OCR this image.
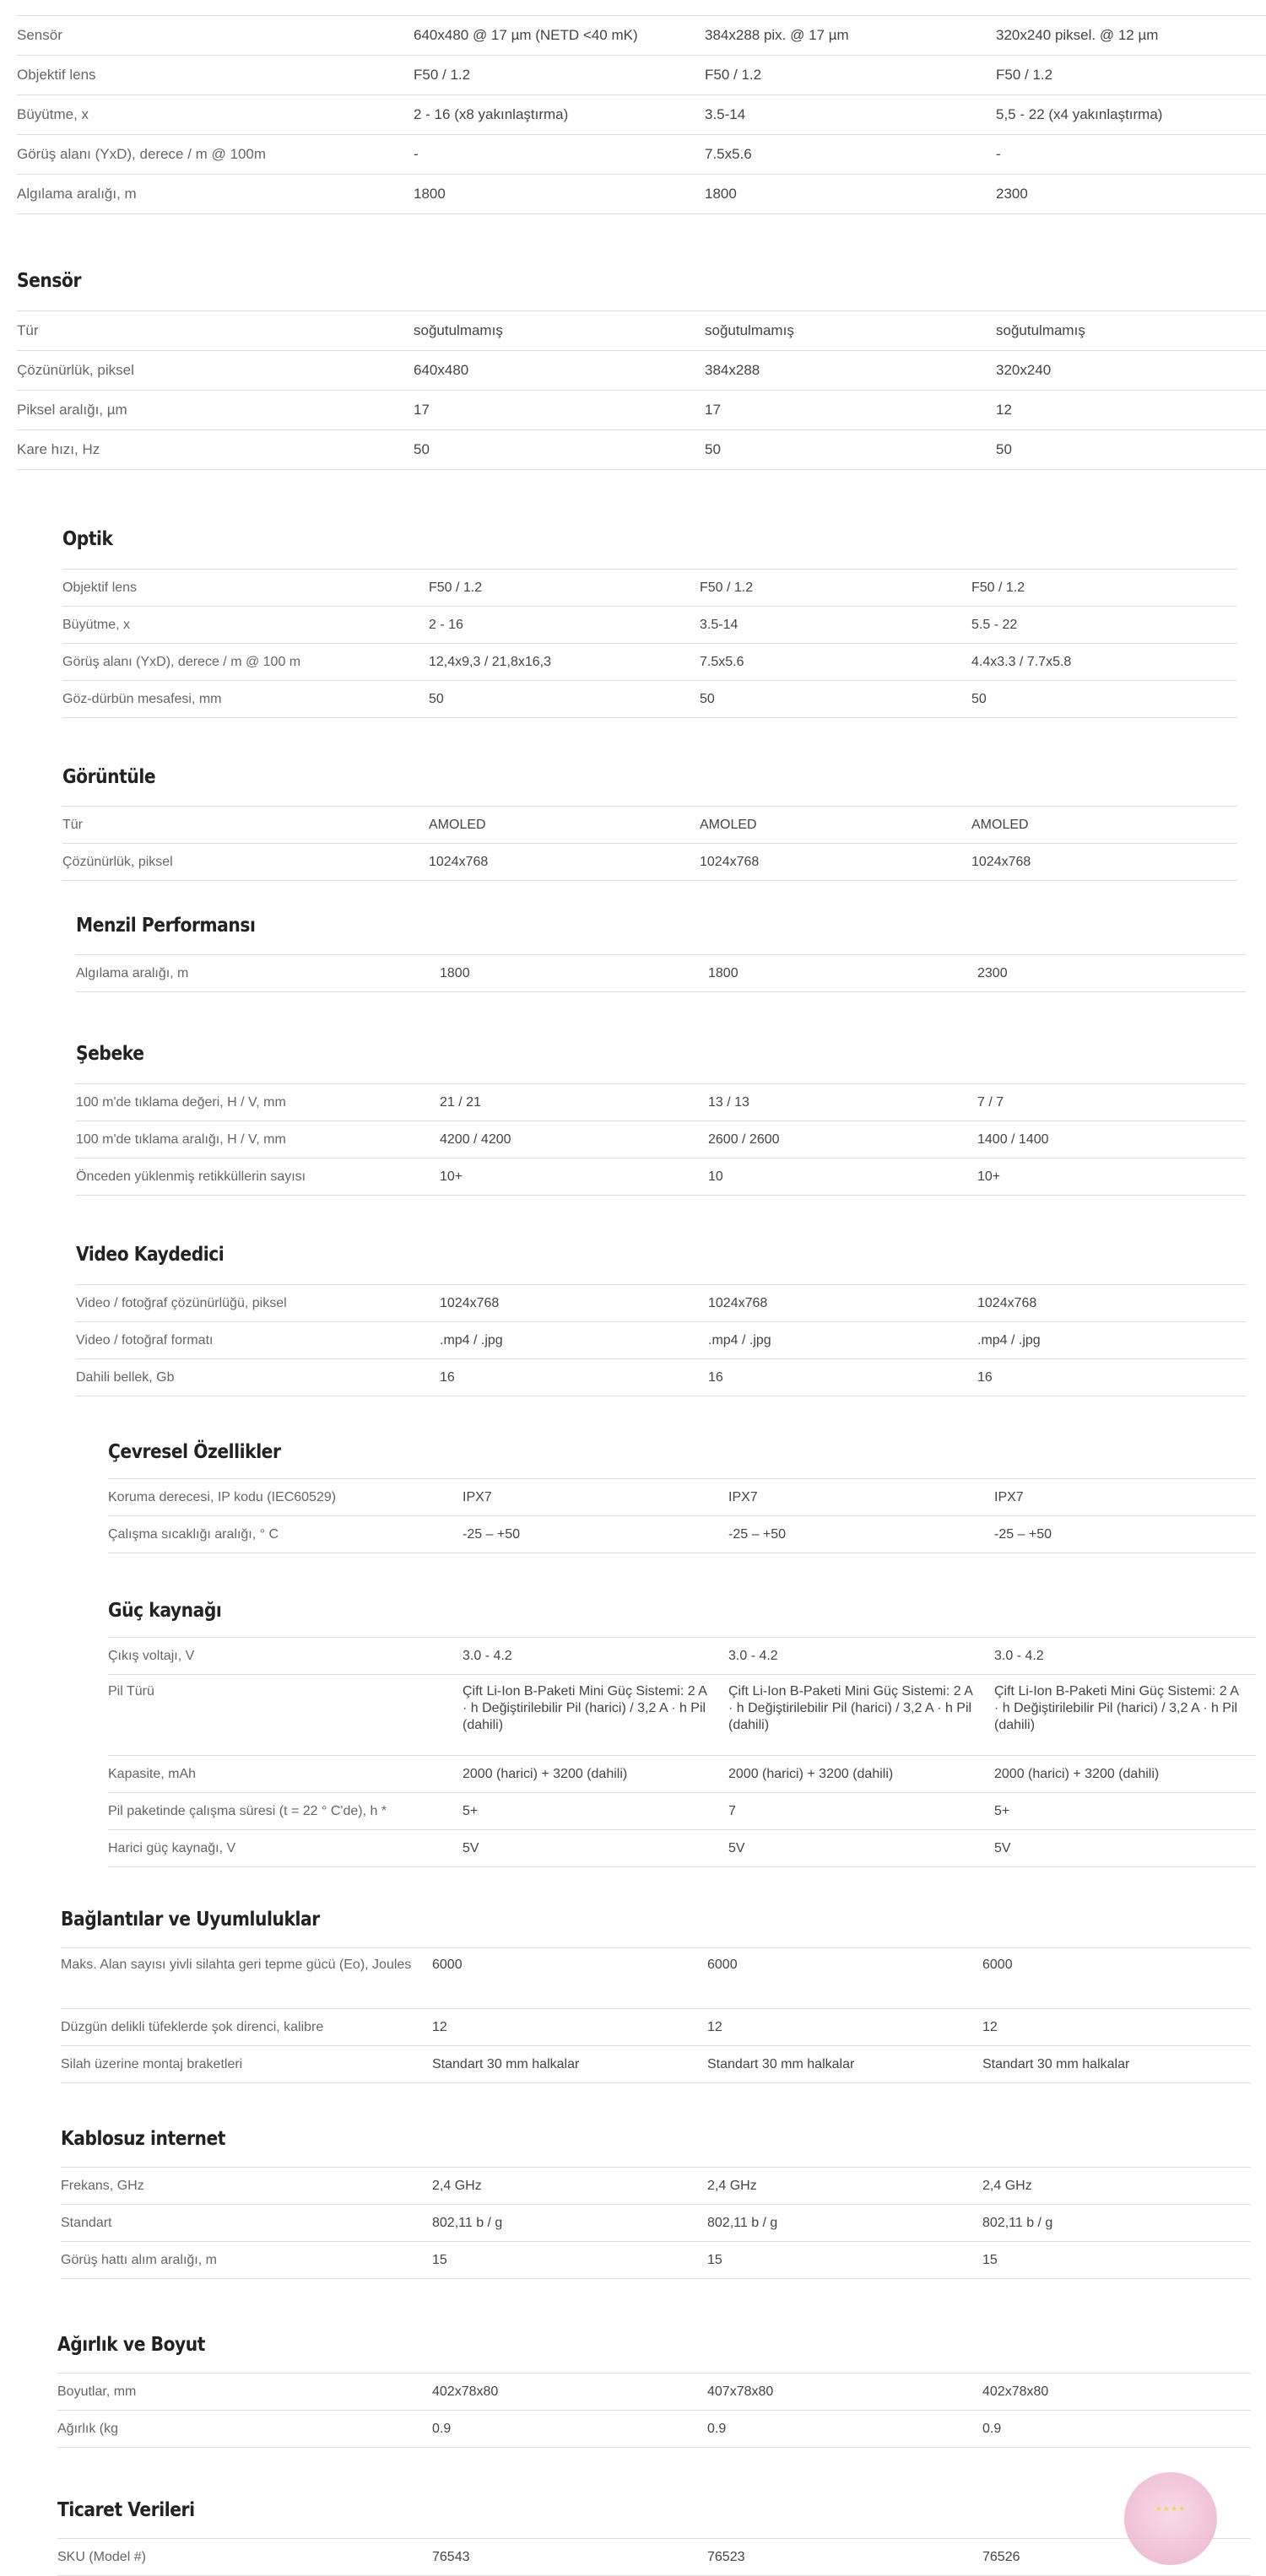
Sensör	640x480 @ 17 µm (NETD <40 mK)	384x288 pix. @ 17 µm	320x240 piksel. @ 12 µm
Objektif lens	F50 / 1.2	F50 / 1.2	F50 / 1.2
Büyütme, x	2 - 16 (x8 yakınlaştırma)	3.5-14	5,5 - 22 (x4 yakınlaştırma)
Görüş alanı (YxD), derece / m @ 100m	-	7.5x5.6	-
Algılama aralığı, m	1800	1800	2300
Sensör
Tür	soğutulmamış	soğutulmamış	soğutulmamış
Çözünürlük, piksel	640x480	384x288	320x240
Piksel aralığı, µm	17	17	12
Kare hızı, Hz	50	50	50
Optik
Objektif lens	F50 / 1.2	F50 / 1.2	F50 / 1.2
Büyütme, x	2 - 16	3.5-14	5.5 - 22
Görüş alanı (YxD), derece / m @ 100 m	12,4x9,3 / 21,8x16,3	7.5x5.6	4.4x3.3 / 7.7x5.8
Göz-dürbün mesafesi, mm	50	50	50
Görüntüle
Tür	AMOLED	AMOLED	AMOLED
Çözünürlük, piksel	1024x768	1024x768	1024x768
Menzil Performansı
Algılama aralığı, m	1800	1800	2300
Şebeke
100 m'de tıklama değeri, H / V, mm	21 / 21	13 / 13	7 / 7
100 m'de tıklama aralığı, H / V, mm	4200 / 4200	2600 / 2600	1400 / 1400
Önceden yüklenmiş retikküllerin sayısı	10+	10	10+
Video Kaydedici
Video / fotoğraf çözünürlüğü, piksel	1024x768	1024x768	1024x768
Video / fotoğraf formatı	.mp4 / .jpg	.mp4 / .jpg	.mp4 / .jpg
Dahili bellek, Gb	16	16	16
Çevresel Özellikler
Koruma derecesi, IP kodu (IEC60529)	IPX7	IPX7	IPX7
Çalışma sıcaklığı aralığı, ° C	-25 – +50	-25 – +50	-25 – +50
Güç kaynağı
Çıkış voltajı, V	3.0 - 4.2	3.0 - 4.2	3.0 - 4.2
Pil Türü	Çift Li-Ion B-Paketi Mini Güç Sistemi: 2 A · h Değiştirilebilir Pil (harici) / 3,2 A · h Pil (dahili)	Çift Li-Ion B-Paketi Mini Güç Sistemi: 2 A · h Değiştirilebilir Pil (harici) / 3,2 A · h Pil (dahili)	Çift Li-Ion B-Paketi Mini Güç Sistemi: 2 A · h Değiştirilebilir Pil (harici) / 3,2 A · h Pil (dahili)
Kapasite, mAh	2000 (harici) + 3200 (dahili)	2000 (harici) + 3200 (dahili)	2000 (harici) + 3200 (dahili)
Pil paketinde çalışma süresi (t = 22 ° C'de), h *	5+	7	5+
Harici güç kaynağı, V	5V	5V	5V
Bağlantılar ve Uyumluluklar
Maks. Alan sayısı yivli silahta geri tepme gücü (Eo), Joules	6000	6000	6000
Düzgün delikli tüfeklerde şok direnci, kalibre	12	12	12
Silah üzerine montaj braketleri	Standart 30 mm halkalar	Standart 30 mm halkalar	Standart 30 mm halkalar
Kablosuz internet
Frekans, GHz	2,4 GHz	2,4 GHz	2,4 GHz
Standart	802,11 b / g	802,11 b / g	802,11 b / g
Görüş hattı alım aralığı, m	15	15	15
Ağırlık ve Boyut
Boyutlar, mm	402x78x80	407x78x80	402x78x80
Ağırlık (kg	0.9	0.9	0.9
Ticaret Verileri
SKU (Model #)	76543	76523	76526
★★★★
